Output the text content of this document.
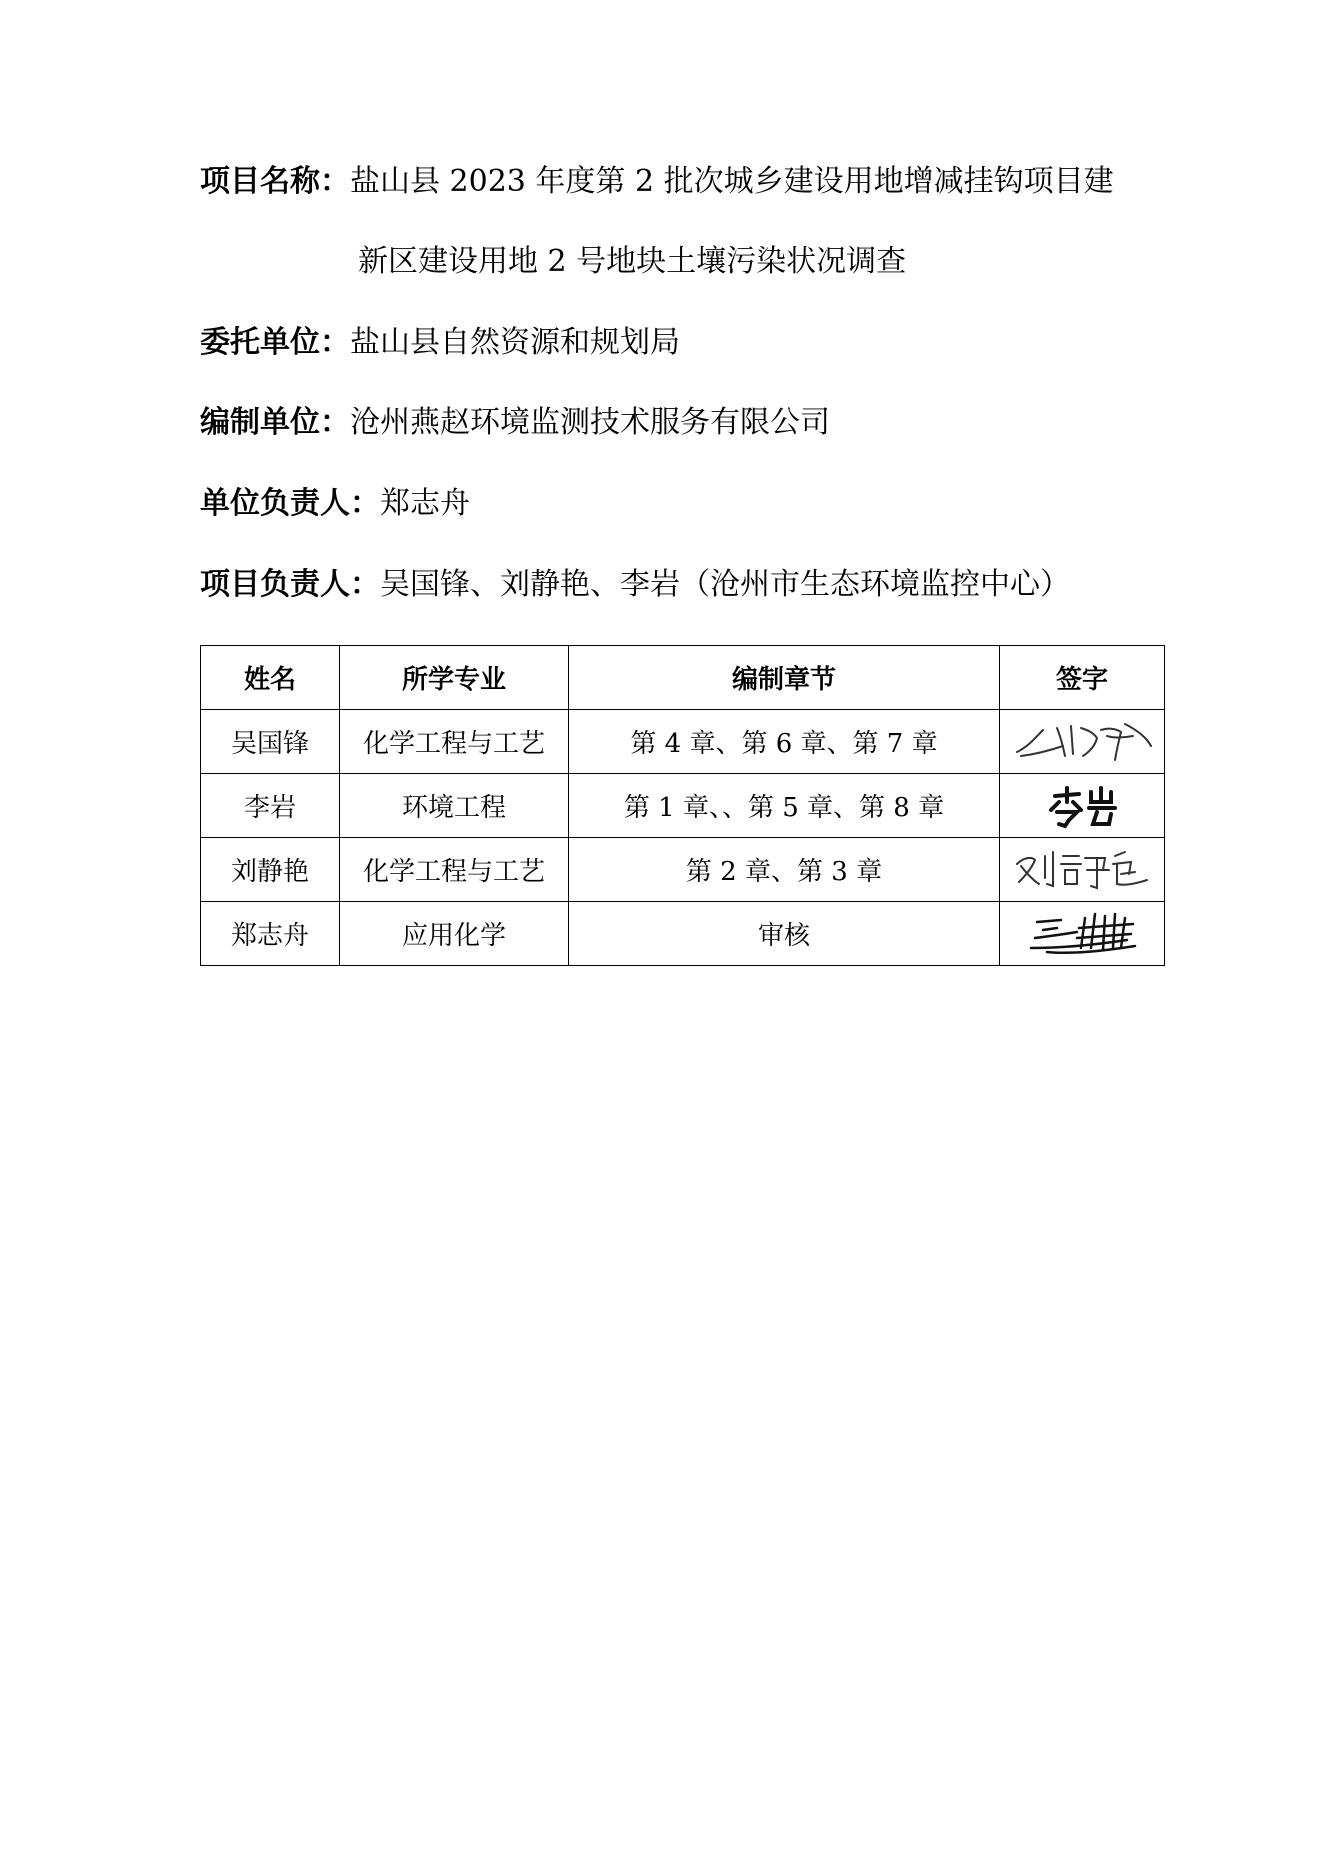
项目名称：盐山县 2023 年度第 2 批次城乡建设用地增减挂钩项目建
新区建设用地 2 号地块土壤污染状况调查
委托单位：盐山县自然资源和规划局
编制单位：沧州燕赵环境监测技术服务有限公司
单位负责人：郑志舟
项目负责人：吴国锋、刘静艳、李岩（沧州市生态环境监控中心）
姓名	所学专业	编制章节	签字
吴国锋	化学工程与工艺	第 4 章、第 6 章、第 7 章	

李岩	环境工程	第 1 章、、第 5 章、第 8 章	

刘静艳	化学工程与工艺	第 2 章、第 3 章	

郑志舟	应用化学	审核	
